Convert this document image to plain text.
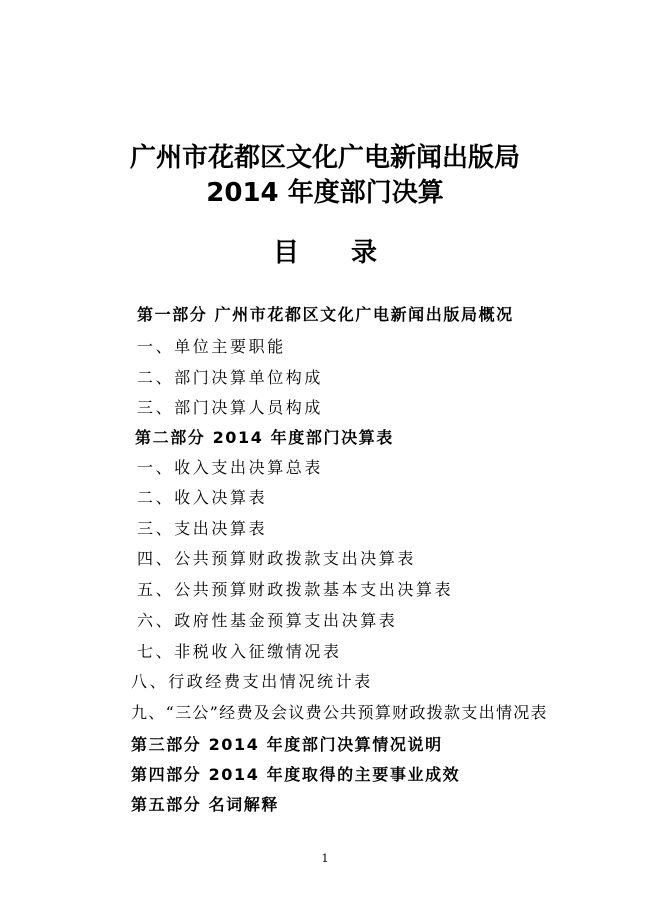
广州市花都区文化广电新闻出版局
2014 年度部门决算
目录
第一部分 广州市花都区文化广电新闻出版局概况
一、单位主要职能
二、部门决算单位构成
三、部门决算人员构成
第二部分 2014 年度部门决算表
一、收入支出决算总表
二、收入决算表
三、支出决算表
四、公共预算财政拨款支出决算表
五、公共预算财政拨款基本支出决算表
六、政府性基金预算支出决算表
七、非税收入征缴情况表
八、行政经费支出情况统计表
九、“三公”经费及会议费公共预算财政拨款支出情况表
第三部分 2014 年度部门决算情况说明
第四部分 2014 年度取得的主要事业成效
第五部分 名词解释
1
